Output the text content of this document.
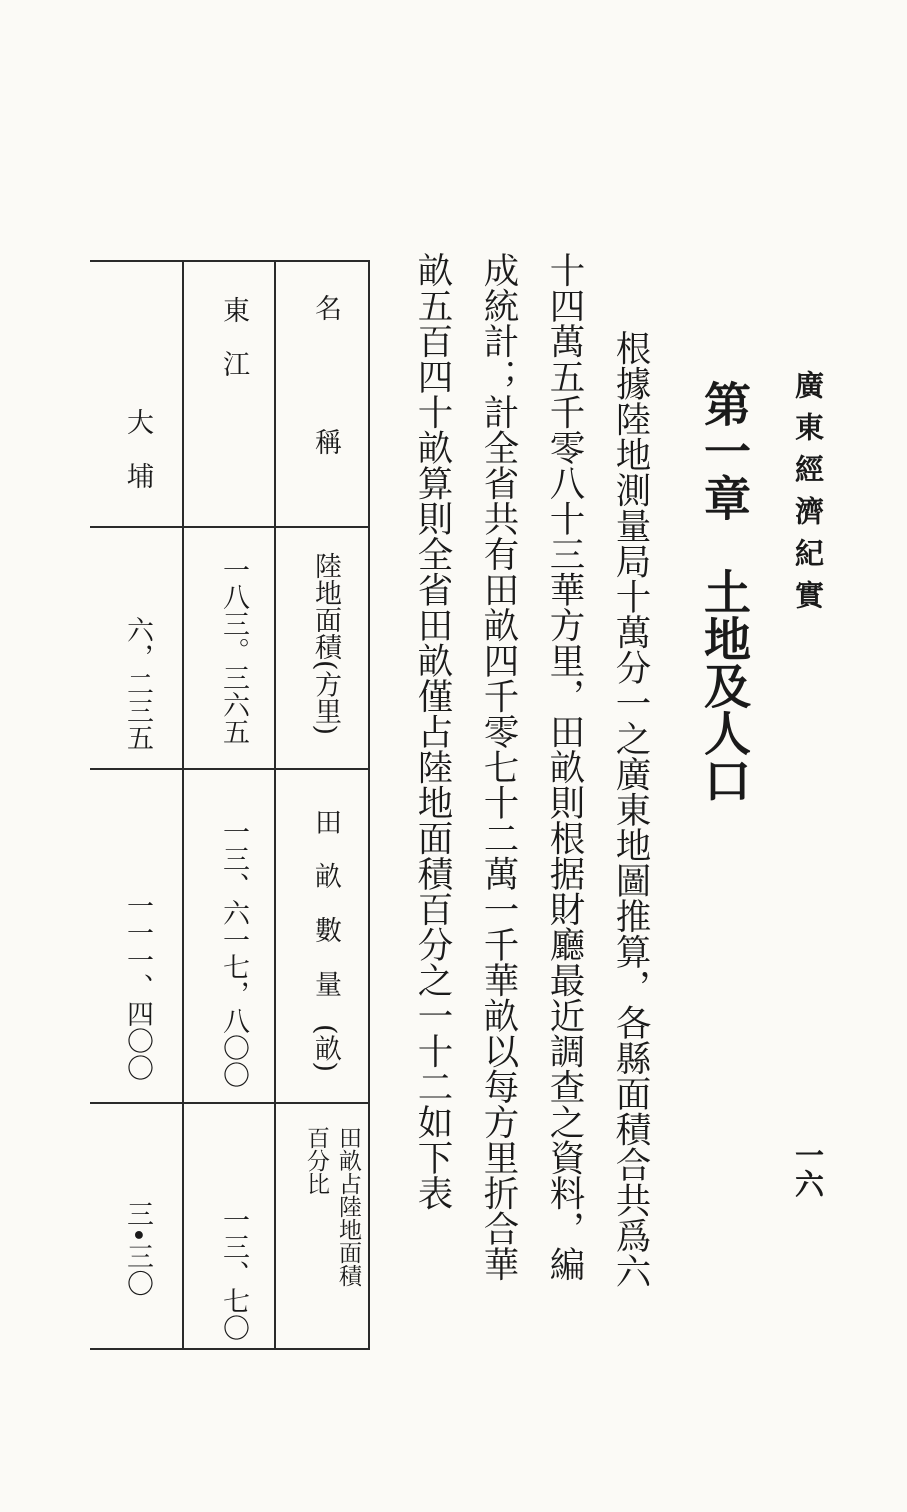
廣東經濟紀實
一六
第一章　土地及人口
根據陸地測量局十萬分一之廣東地圖推算，各縣面積合共爲六
十四萬五千零八十三華方里，田畝則根据財廳最近調查之資料，編
成統計；計全省共有田畝四千零七十二萬一千華畝以每方里折合華
畝五百四十畝算則全省田畝僅占陸地面積百分之一十二如下表
名　稱
陸地面積(方里)
田　畝　數　量　(畝)
田畝占陸地面積
百分比
東　江
一八三。三六五
一三、六一七，八〇〇
一三、七〇
大　埔
六，二三五
一一一、四〇〇
三•三〇
